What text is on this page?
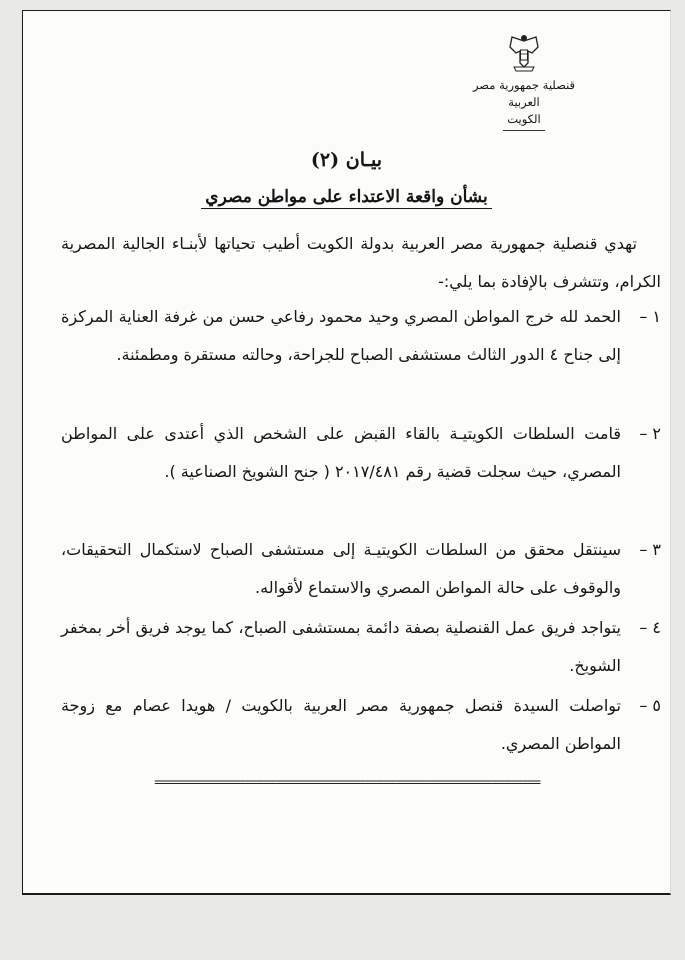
قنصلية جمهورية مصر العربية
الكويت
بيـان (٢)
بشأن واقعة الاعتداء على مواطن مصري
تهدي قنصلية جمهورية مصر العربية بدولة الكويت أطيب تحياتها لأبنـاء الجالية المصرية الكرام، وتتشرف بالإفادة بما يلي:-
١ –
الحمد لله خرج المواطن المصري وحيد محمود رفاعي حسن من غرفة العناية المركزة إلى جناح ٤ الدور الثالث مستشفى الصباح للجراحة، وحالته مستقرة ومطمئنة.
٢ –
قامت السلطات الكويتيـة بالقاء القبض على الشخص الذي أعتدى على المواطن المصري، حيث سجلت قضية رقم ٢٠١٧/٤٨١ ( جنح الشويخ الصناعية ).
٣ –
سينتقل محقق من السلطات الكويتيـة إلى مستشفى الصباح لاستكمال التحقيقات، والوقوف على حالة المواطن المصري والاستماع لأقواله.
٤ –
يتواجد فريق عمل القنصلية بصفة دائمة بمستشفى الصباح، كما يوجد فريق أخر بمخفر الشويخ.
٥ –
تواصلت السيدة قنصل جمهورية مصر العربية بالكويت / هويدا عصام مع زوجة المواطن المصري.
================================================================
